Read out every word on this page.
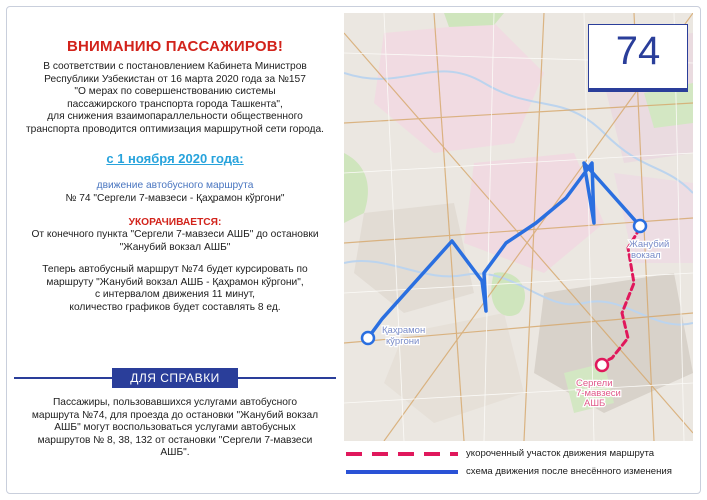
ВНИМАНИЮ ПАССАЖИРОВ!
В соответствии с постановлением Кабинета Министров
Республики Узбекистан от 16 марта 2020 года за №157
"О мерах по совершенствованию системы
пассажирского транспорта города Ташкента",
для снижения взаимопараллельности общественного
транспорта проводится оптимизация маршрутной сети города.
с 1 ноября 2020 года:
движение автобусного маршрута
№ 74 "Сергели 7-мавзеси - Қаҳрамон кўргони"
УКОРАЧИВАЕТСЯ:
От конечного пункта "Сергели 7-мавзеси АШБ" до остановки
"Жанубий вокзал АШБ"
Теперь автобусный маршрут №74 будет курсировать по
маршруту "Жанубий вокзал АШБ - Қаҳрамон кўргони",
с интервалом движения 11 минут,
количество графиков будет составлять 8 ед.
ДЛЯ СПРАВКИ
Пассажиры, пользовавшихся услугами автобусного
маршрута №74, для проезда до остановки "Жанубий вокзал
АШБ" могут воспользоваться услугами автобусных
маршрутов № 8, 38, 132 от остановки "Сергели 7-мавзеси
АШБ".
Қаҳрамон
кўргони
Жанубий
вокзал
Сергели
7-мавзеси
АШБ
74
укороченный участок движения маршрута
схема движения после внесённого изменения
